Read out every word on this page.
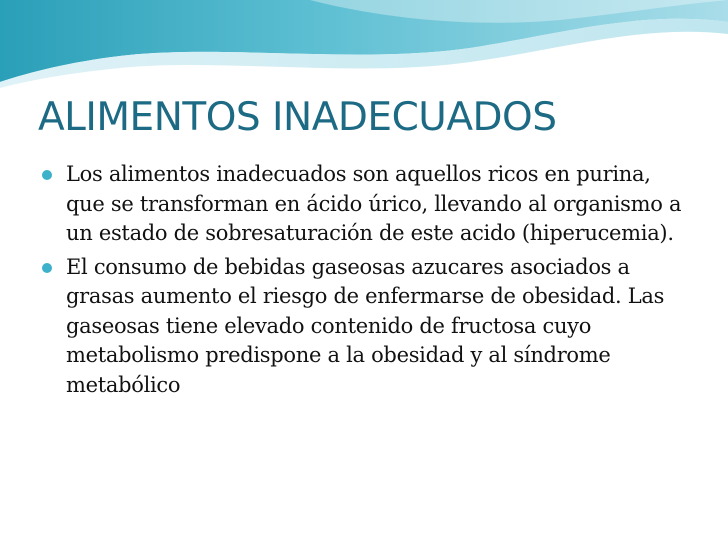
ALIMENTOS INADECUADOS
Los alimentos inadecuados son aquellos ricos en purina, que se transforman en ácido úrico, llevando al organismo a un estado de sobresaturación de este acido (hiperucemia).
El consumo de bebidas gaseosas azucares asociados a grasas aumento el riesgo de enfermarse de obesidad. Las gaseosas tiene elevado contenido de fructosa cuyo metabolismo predispone a la obesidad y al síndrome metabólico
